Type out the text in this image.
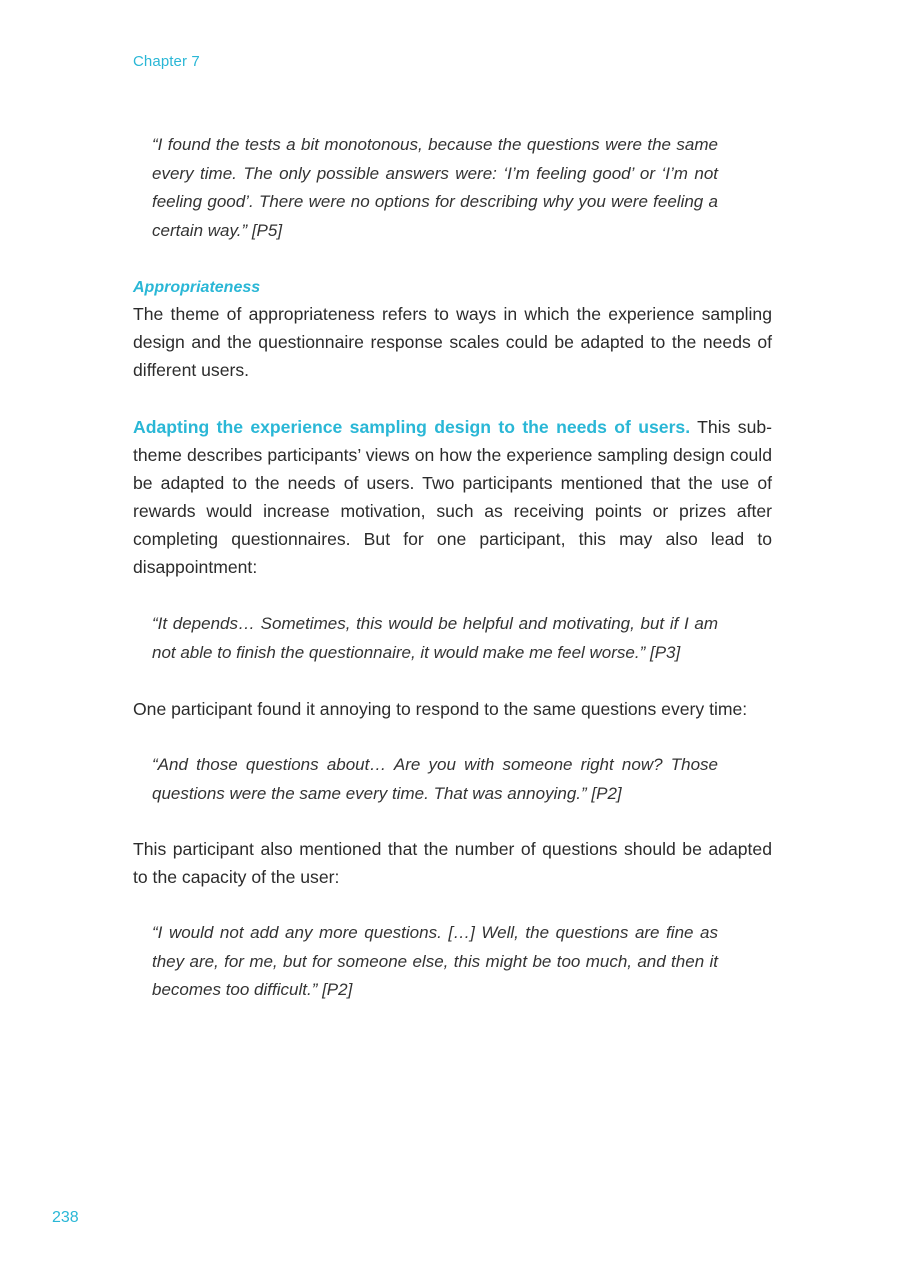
Chapter 7

“I found the tests a bit monotonous, because the questions were the same every time. The only possible answers were: ‘I’m feeling good’ or ‘I’m not feeling good’. There were no options for describing why you were feeling a certain way.” [P5]

Appropriateness

The theme of appropriateness refers to ways in which the experience sampling design and the questionnaire response scales could be adapted to the needs of different users.

Adapting the experience sampling design to the needs of users. This sub-theme describes participants’ views on how the experience sampling design could be adapted to the needs of users. Two participants mentioned that the use of rewards would increase motivation, such as receiving points or prizes after completing questionnaires. But for one participant, this may also lead to disappointment:

“It depends… Sometimes, this would be helpful and motivating, but if I am not able to finish the questionnaire, it would make me feel worse.” [P3]

One participant found it annoying to respond to the same questions every time:

“And those questions about… Are you with someone right now? Those questions were the same every time. That was annoying.” [P2]

This participant also mentioned that the number of questions should be adapted to the capacity of the user:

“I would not add any more questions. […] Well, the questions are fine as they are, for me, but for someone else, this might be too much, and then it becomes too difficult.” [P2]

238
